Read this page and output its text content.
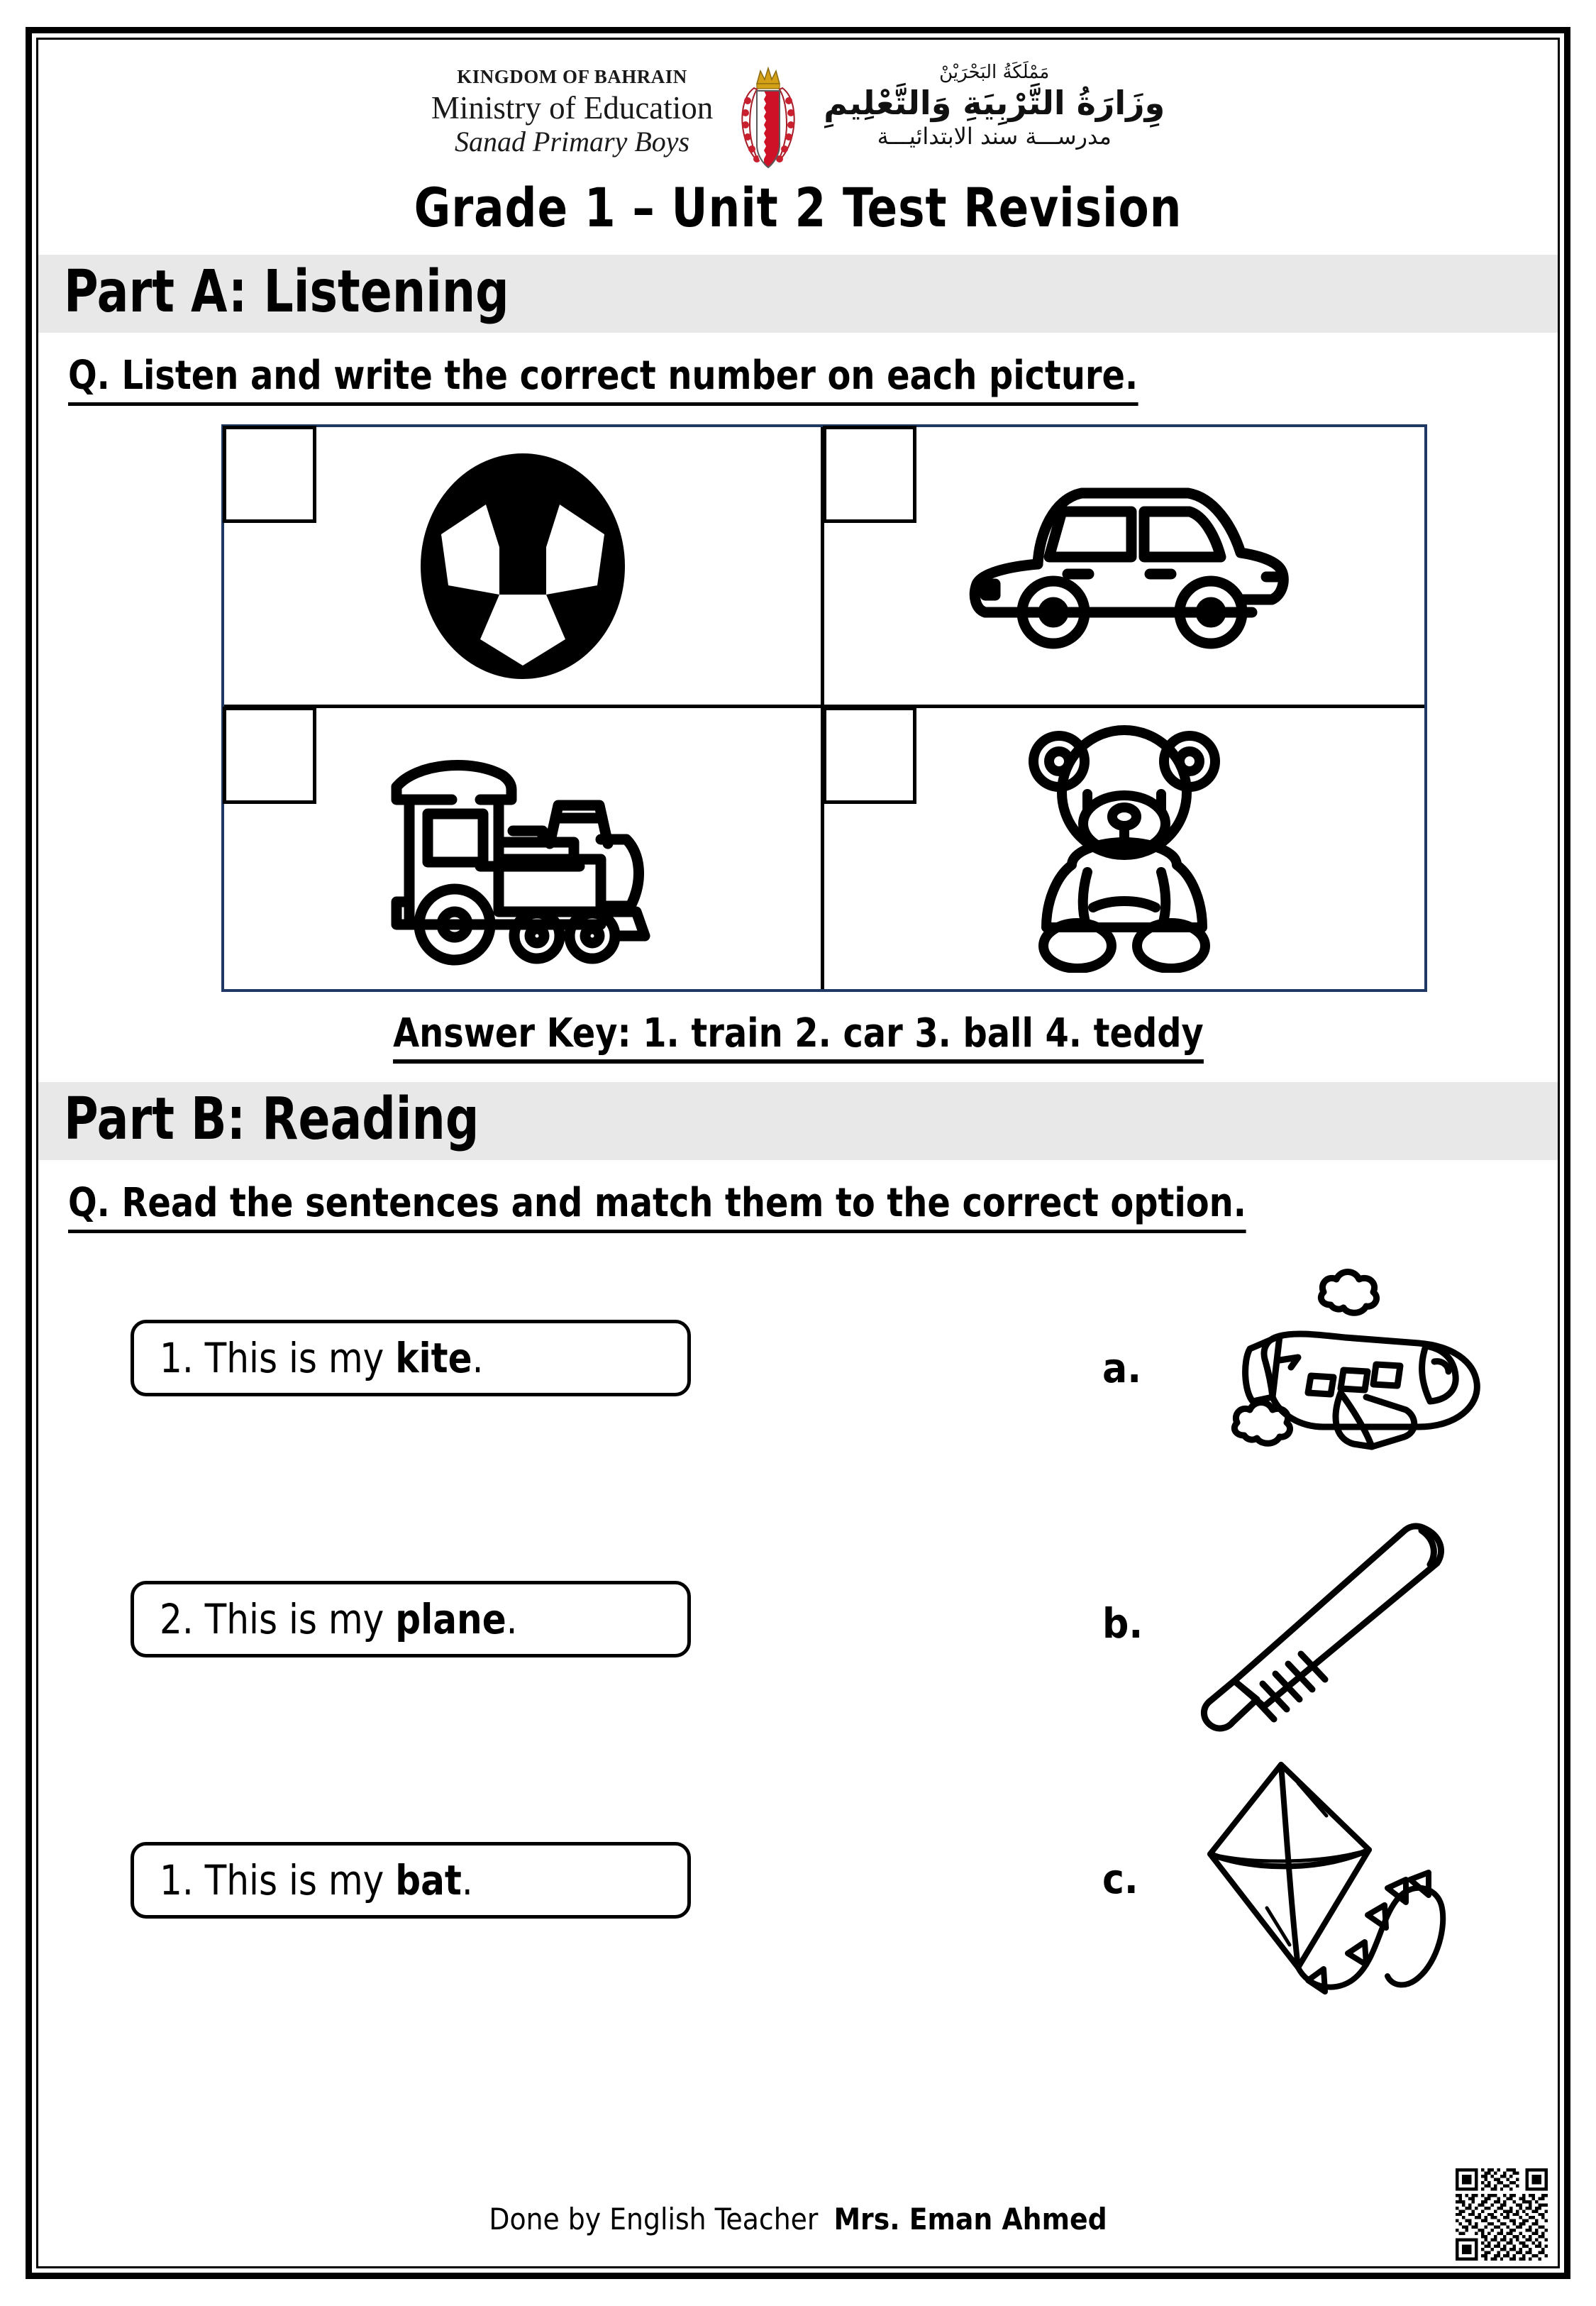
KINGDOM OF BAHRAIN
Ministry of Education
Sanad Primary Boys
مَمْلَكَةُ البَحْرَيْنْ
وِزَارَةُ التَّرْبِيَةِ وَالتَّعْلِيمِ
مدرســـة سند الابتدائيـــة
Grade 1 – Unit 2 Test Revision
Part A: Listening
Q. Listen and write the correct number on each picture.
Answer Key: 1. train 2. car 3. ball 4. teddy
Part B: Reading
Q. Read the sentences and match them to the correct option.
1. This is my kite.
2. This is my plane.
1. This is my bat.
a.
b.
c.
Done by English Teacher Mrs. Eman Ahmed
